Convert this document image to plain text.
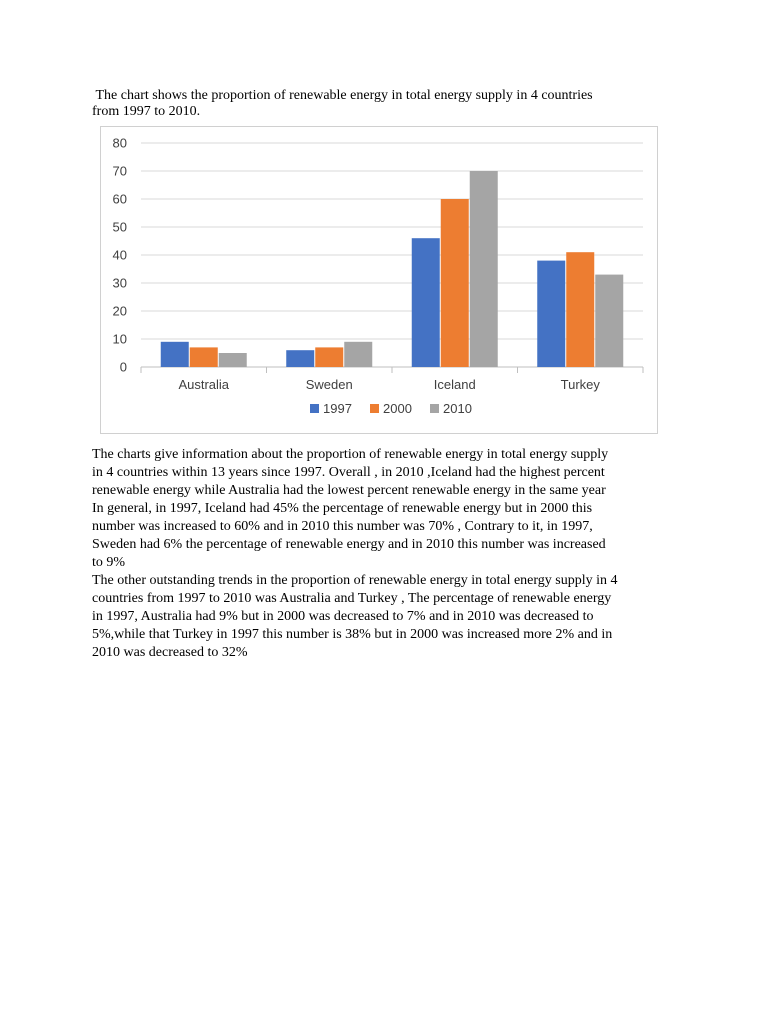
The chart shows the proportion of renewable energy in total energy supply in 4 countries
from 1997 to 2010.

0
10
20
30
40
50
60
70
80
Australia	Sweden	Iceland	Turkey
1997 2000 2010

The charts give information about the proportion of renewable energy in total energy supply
in 4 countries within 13 years since 1997. Overall , in 2010 ,Iceland had the highest percent
renewable energy while Australia had the lowest percent renewable energy in the same year
In general, in 1997, Iceland had 45% the percentage of renewable energy but in 2000 this
number was increased to 60% and in 2010 this number was 70% , Contrary to it, in 1997,
Sweden had 6% the percentage of renewable energy and in 2010 this number was increased
to 9%

The other outstanding trends in the proportion of renewable energy in total energy supply in 4
countries from 1997 to 2010 was Australia and Turkey , The percentage of renewable energy
in 1997, Australia had 9% but in 2000 was decreased to 7% and in 2010 was decreased to
5%,while that Turkey in 1997 this number is 38% but in 2000 was increased more 2% and in
2010 was decreased to 32%
